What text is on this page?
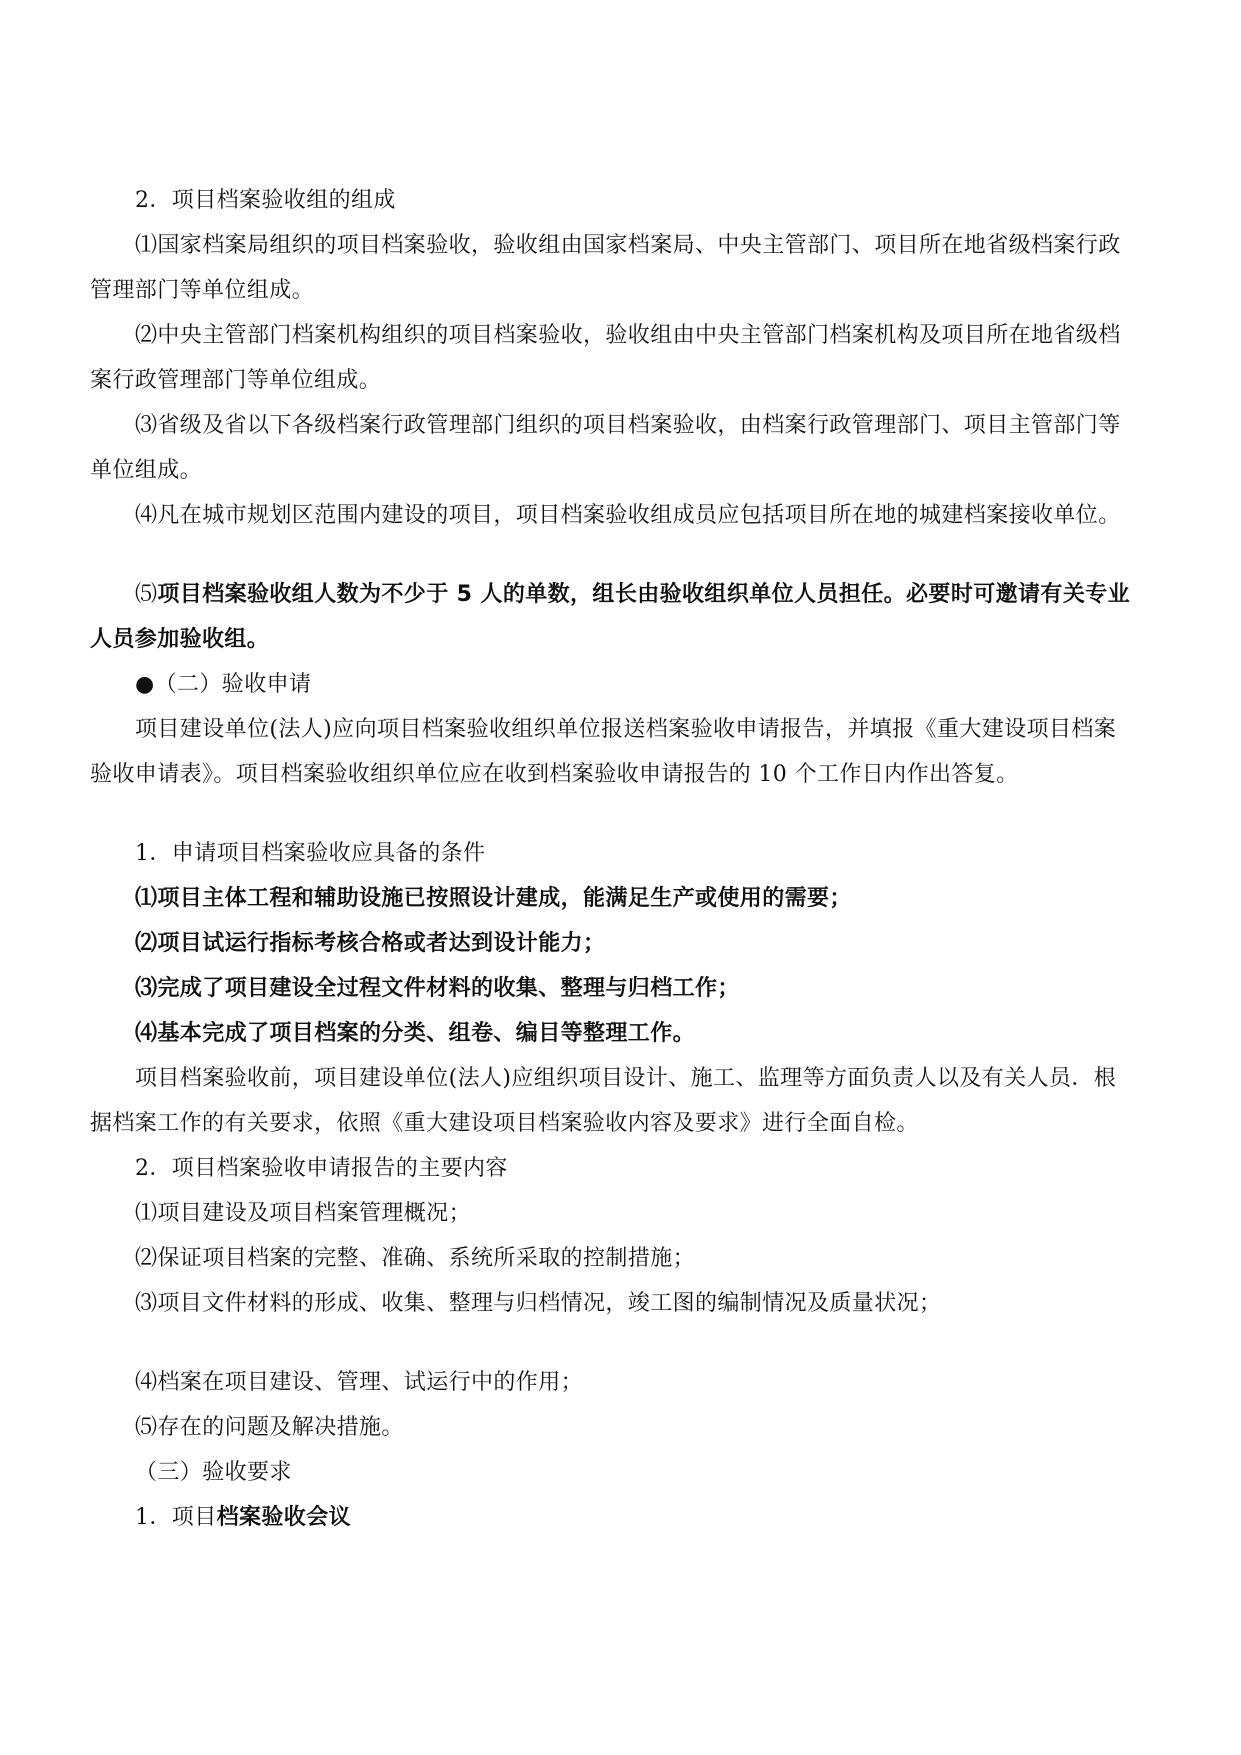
2．项目档案验收组的组成
⑴国家档案局组织的项目档案验收，验收组由国家档案局、中央主管部门、项目所在地省级档案行政
管理部门等单位组成。
⑵中央主管部门档案机构组织的项目档案验收，验收组由中央主管部门档案机构及项目所在地省级档
案行政管理部门等单位组成。
⑶省级及省以下各级档案行政管理部门组织的项目档案验收，由档案行政管理部门、项目主管部门等
单位组成。
⑷凡在城市规划区范围内建设的项目，项目档案验收组成员应包括项目所在地的城建档案接收单位。
⑸项目档案验收组人数为不少于 5 人的单数，组长由验收组织单位人员担任。必要时可邀请有关专业
人员参加验收组。
●（二）验收申请
项目建设单位(法人)应向项目档案验收组织单位报送档案验收申请报告，并填报《重大建设项目档案
验收申请表》。项目档案验收组织单位应在收到档案验收申请报告的 10 个工作日内作出答复。
1．申请项目档案验收应具备的条件
⑴项目主体工程和辅助设施已按照设计建成，能满足生产或使用的需要；
⑵项目试运行指标考核合格或者达到设计能力；
⑶完成了项目建设全过程文件材料的收集、整理与归档工作；
⑷基本完成了项目档案的分类、组卷、编目等整理工作。
项目档案验收前，项目建设单位(法人)应组织项目设计、施工、监理等方面负责人以及有关人员．根
据档案工作的有关要求，依照《重大建设项目档案验收内容及要求》进行全面自检。
2．项目档案验收申请报告的主要内容
⑴项目建设及项目档案管理概况；
⑵保证项目档案的完整、准确、系统所采取的控制措施；
⑶项目文件材料的形成、收集、整理与归档情况，竣工图的编制情况及质量状况；
⑷档案在项目建设、管理、试运行中的作用；
⑸存在的问题及解决措施。
（三）验收要求
1．项目档案验收会议
